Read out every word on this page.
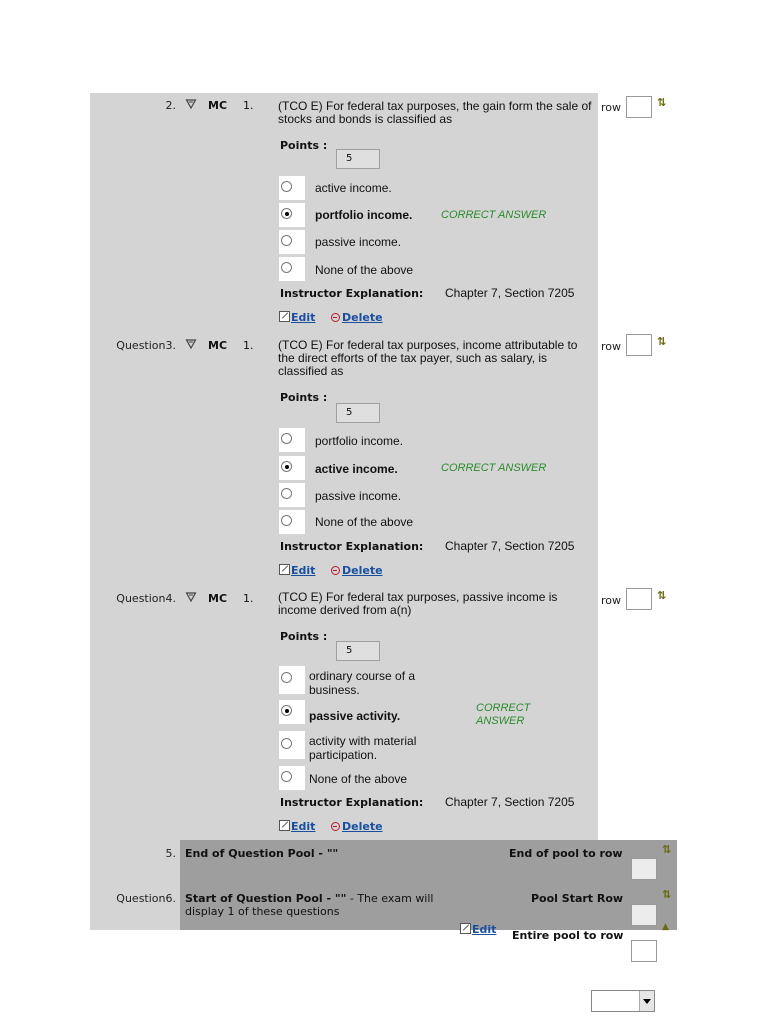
2.	MC 1. (TCO E) For federal tax purposes, the gain form the sale of stocks and bonds is classified as
row	⇅
Points :
5
active income.
portfolio income.	CORRECT ANSWER
passive income.
None of the above
Instructor Explanation: Chapter 7, Section 7205
Edit	Delete
Question3.	MC 1. (TCO E) For federal tax purposes, income attributable to the direct efforts of the tax payer, such as salary, is classified as
row	⇅
Points :
5
portfolio income.
active income.	CORRECT ANSWER
passive income.
None of the above
Instructor Explanation: Chapter 7, Section 7205
Edit	Delete
Question4.	MC 1. (TCO E) For federal tax purposes, passive income is income derived from a(n)
row	⇅
Points :
5
ordinary course of a business.
passive activity.
CORRECT
ANSWER
activity with material participation.
None of the above
Instructor Explanation: Chapter 7, Section 7205
Edit	Delete
5. End of Question Pool - ""	End of pool to row	⇅
Question6. Start of Question Pool - "" - The exam will display 1 of these questions
Pool Start Row	⇅
▲
Edit Entire pool to row
